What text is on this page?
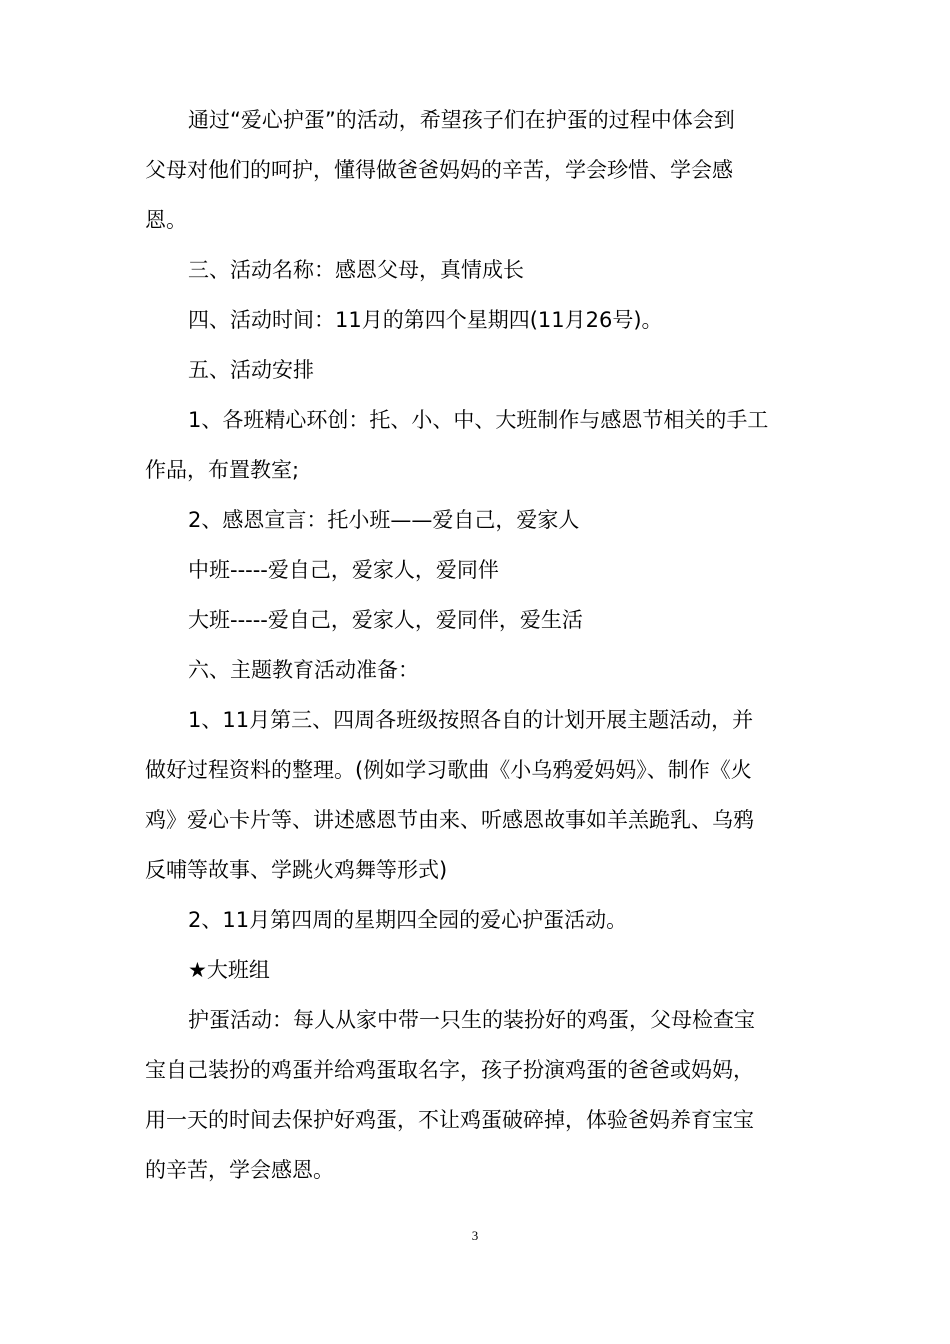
通过“爱心护蛋”的活动，希望孩子们在护蛋的过程中体会到
父母对他们的呵护，懂得做爸爸妈妈的辛苦，学会珍惜、学会感
恩。
三、活动名称：感恩父母，真情成长
四、活动时间：11月的第四个星期四(11月26号)。
五、活动安排
1、各班精心环创：托、小、中、大班制作与感恩节相关的手工
作品，布置教室;
2、感恩宣言：托小班——爱自己，爱家人
中班-----爱自己，爱家人，爱同伴
大班-----爱自己，爱家人，爱同伴，爱生活
六、主题教育活动准备：
1、11月第三、四周各班级按照各自的计划开展主题活动，并
做好过程资料的整理。(例如学习歌曲《小乌鸦爱妈妈》、制作《火
鸡》爱心卡片等、讲述感恩节由来、听感恩故事如羊羔跪乳、乌鸦
反哺等故事、学跳火鸡舞等形式)
2、11月第四周的星期四全园的爱心护蛋活动。
★大班组
护蛋活动：每人从家中带一只生的装扮好的鸡蛋，父母检查宝
宝自己装扮的鸡蛋并给鸡蛋取名字，孩子扮演鸡蛋的爸爸或妈妈，
用一天的时间去保护好鸡蛋，不让鸡蛋破碎掉，体验爸妈养育宝宝
的辛苦，学会感恩。
3
